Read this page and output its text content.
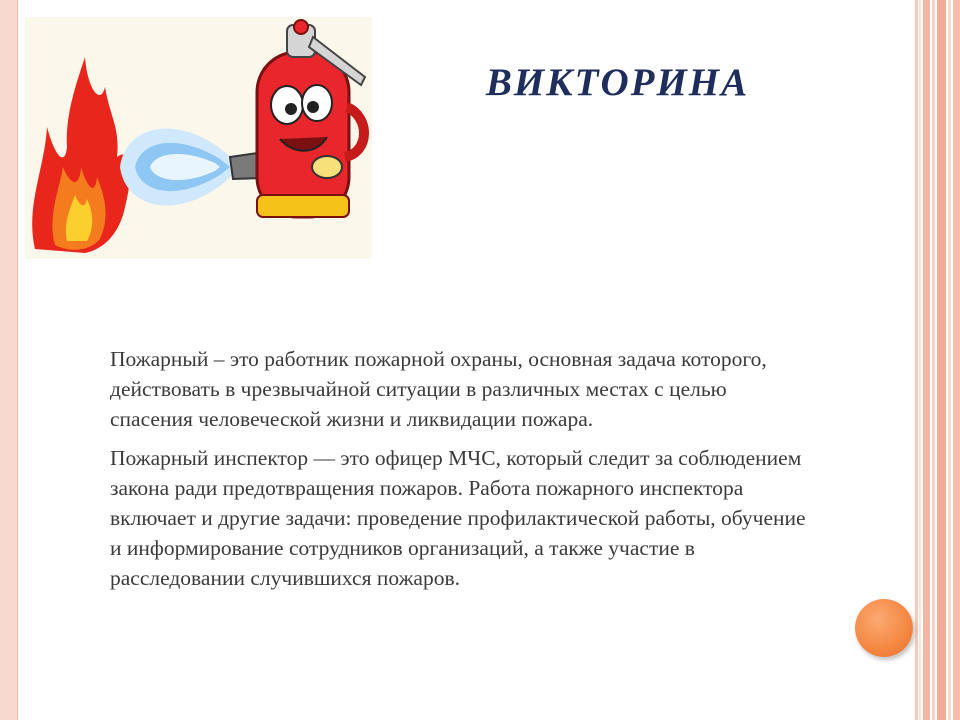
ВИКТОРИНА

Пожарный – это работник пожарной охраны, основная задача которого, действовать в чрезвычайной ситуации в различных местах с целью спасения человеческой жизни и ликвидации пожара.

Пожарный инспектор — это офицер МЧС, который следит за соблюдением закона ради предотвращения пожаров. Работа пожарного инспектора включает и другие задачи: проведение профилактической работы, обучение и информирование сотрудников организаций, а также участие в расследовании случившихся пожаров.
